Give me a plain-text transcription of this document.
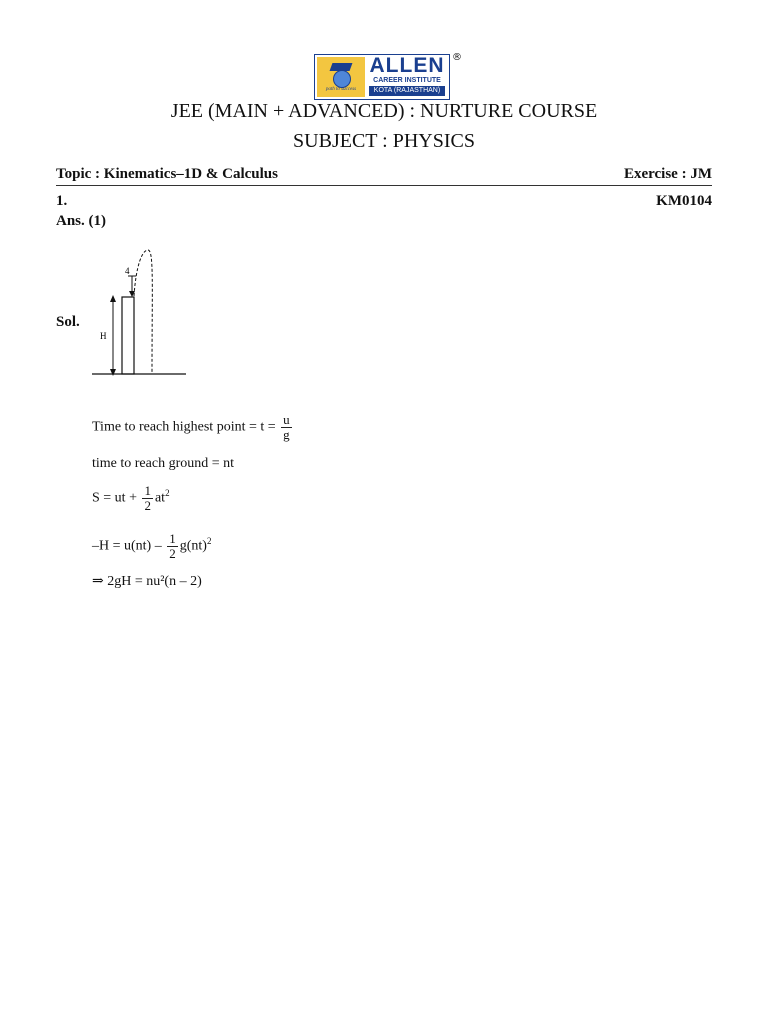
path to success
ALLEN
CAREER INSTITUTE
KOTA (RAJASTHAN)
®
JEE (MAIN + ADVANCED) : NURTURE COURSE
SUBJECT : PHYSICS
Topic : Kinematics–1D & Calculus	Exercise : JM
1.	KM0104
Ans. (1)
Sol.
H
4
Time to reach highest point = $t = \frac{u}{g}$
time to reach ground = nt
S = ut + $\frac{1}{2} at^2$
$-H = u(nt) - \frac{1}{2} g(nt)^2$
⇒ 2gH = nu²(n – 2)
